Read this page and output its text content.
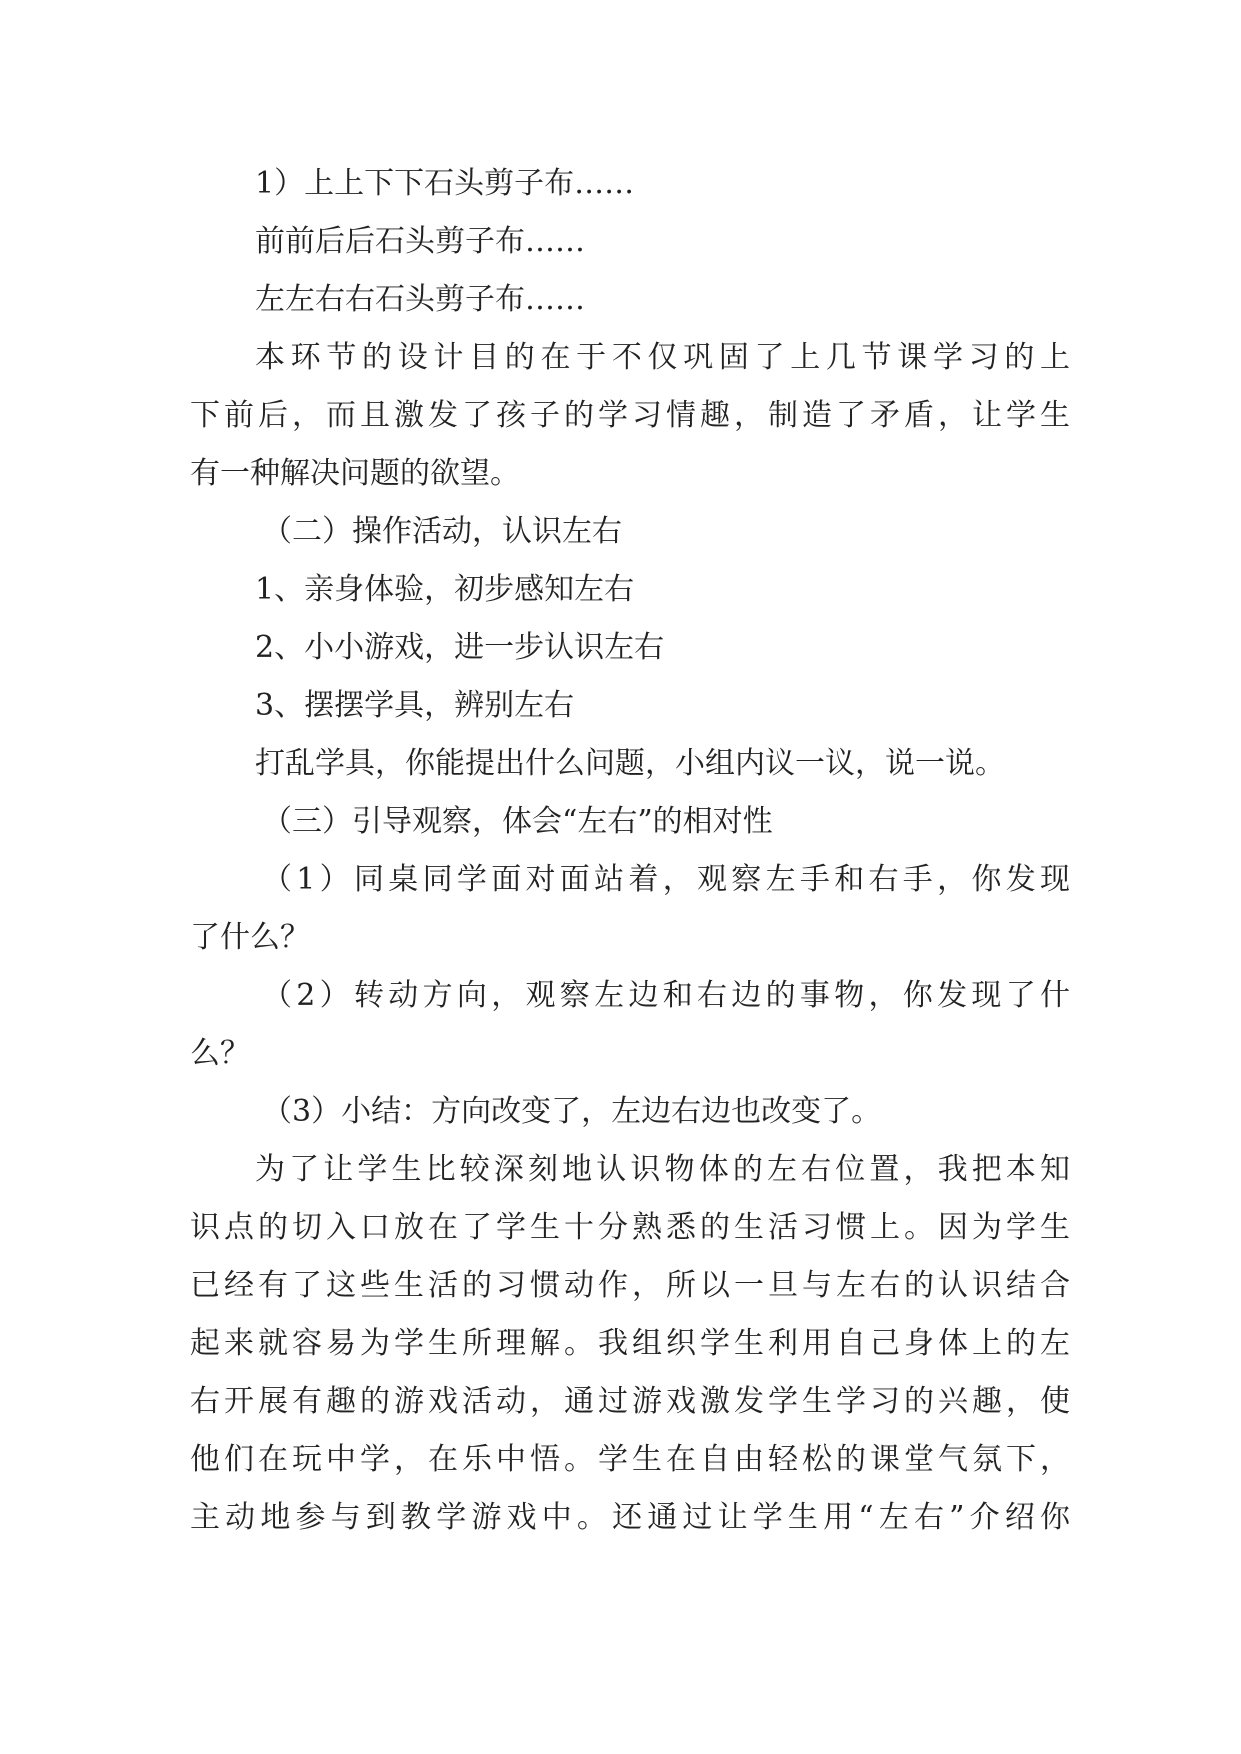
1）上上下下石头剪子布……
前前后后石头剪子布……
左左右右石头剪子布……
本环节的设计目的在于不仅巩固了上几节课学习的上
下前后，而且激发了孩子的学习情趣，制造了矛盾，让学生
有一种解决问题的欲望。
（二）操作活动，认识左右
1、亲身体验，初步感知左右
2、小小游戏，进一步认识左右
3、摆摆学具，辨别左右
打乱学具，你能提出什么问题，小组内议一议，说一说。
（三）引导观察，体会“左右”的相对性
（1）同桌同学面对面站着，观察左手和右手，你发现
了什么？
（2）转动方向，观察左边和右边的事物，你发现了什
么？
（3）小结：方向改变了，左边右边也改变了。
为了让学生比较深刻地认识物体的左右位置，我把本知
识点的切入口放在了学生十分熟悉的生活习惯上。因为学生
已经有了这些生活的习惯动作，所以一旦与左右的认识结合
起来就容易为学生所理解。我组织学生利用自己身体上的左
右开展有趣的游戏活动，通过游戏激发学生学习的兴趣，使
他们在玩中学，在乐中悟。学生在自由轻松的课堂气氛下，
主动地参与到教学游戏中。还通过让学生用“左右”介绍你
